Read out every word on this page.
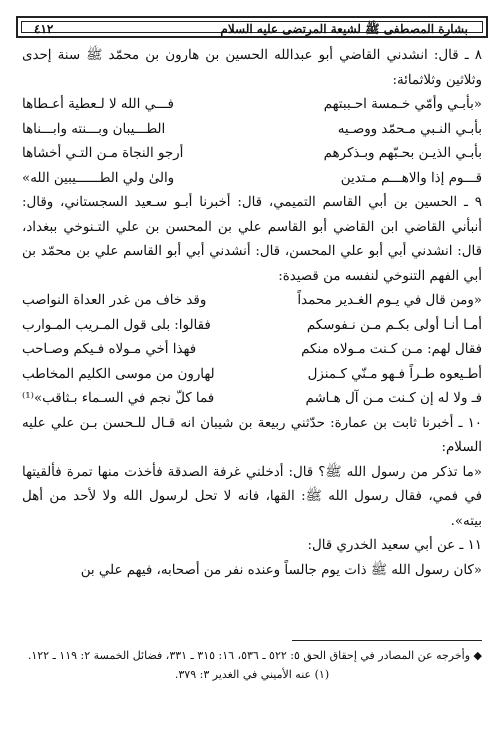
بشارة المصطفى ﷺ لشيعة المرتضى عليه السلام
٤١٢

٨ ـ قال: انشدني القاضي أبو عبدالله الحسين بن هارون بن محمّد ﷺ سنة إحدى وثلاثين وثلاثمائة:

«بأبـي وأمّي خـمسة احـببتهم
فـــي الله لا لـعطية أعـطاها
بأبـي النـبي مـحمّد ووصـيه
الطـــيبان وبـــنته وابـــناها
بأبـي الذيـن بحـبّهم وبـذكرهم
أرجو النجاة مـن التـي أخشاها
قـــوم إذا والاهـــم مـتدين
والىٰ ولي الطــــــيبين الله»

٩ ـ الحسين بن أبي القاسم التميمي، قال: أخبرنا أبـو سـعيد السجستاني، وقال: أنبأني القاضي ابن القاضي أبو القاسم علي بن المحسن بن علي التـنوخي ببغداد، قال: انشدني أبي أبو علي المحسن، قال: أنشدني أبي أبو القاسم علي بن محمّد بن أبي الفهم التنوخي لنفسه من قصيدة:

«ومن قال في يـوم الغـدير محمداً
وقد خاف من غدر العداة النواصب
أمـا أنـا أولى بكـم مـن نـفوسكم
فقالوا: بلى قول المـريب المـوارب
فقال لهم: مـن كـنت مـولاه منكم
فهذا أخي مـولاه فـيكم وصـاحب
أطـيعوه طـراً فـهو مـنّي كـمنزل
لهارون من موسى الكليم المخاطب
فـ ولا له إن كـنت مـن آل هـاشم
فما كلّ نجم في السـماء بـثاقب»⁽¹⁾

١٠ ـ أخبرنا ثابت بن عمارة: حدّثني ربيعة بن شيبان انه قـال للـحسن بـن علي عليه السلام:

«ما تذكر من رسول الله ﷺ؟ قال: أدخلني غرفة الصدقة فأخذت منها تمرة فألقيتها في فمي، فقال رسول الله ﷺ: القها، فانه لا تحل لرسول الله ولا لأحد من أهل بيته».

١١ ـ عن أبي سعيد الخدري قال:

«كان رسول الله ﷺ ذات يوم جالساً وعنده نفر من أصحابه، فيهم علي بن

◆ وأخرجه عن المصادر في إحقاق الحق ٥: ٥٢٢ ـ ٥٣٦، ١٦: ٣١٥ ـ ٣٣١، فضائل الخمسة ٢: ١١٩ ـ ١٢٢.

(١) عنه الأميني في الغدير ٣: ٣٧٩.
